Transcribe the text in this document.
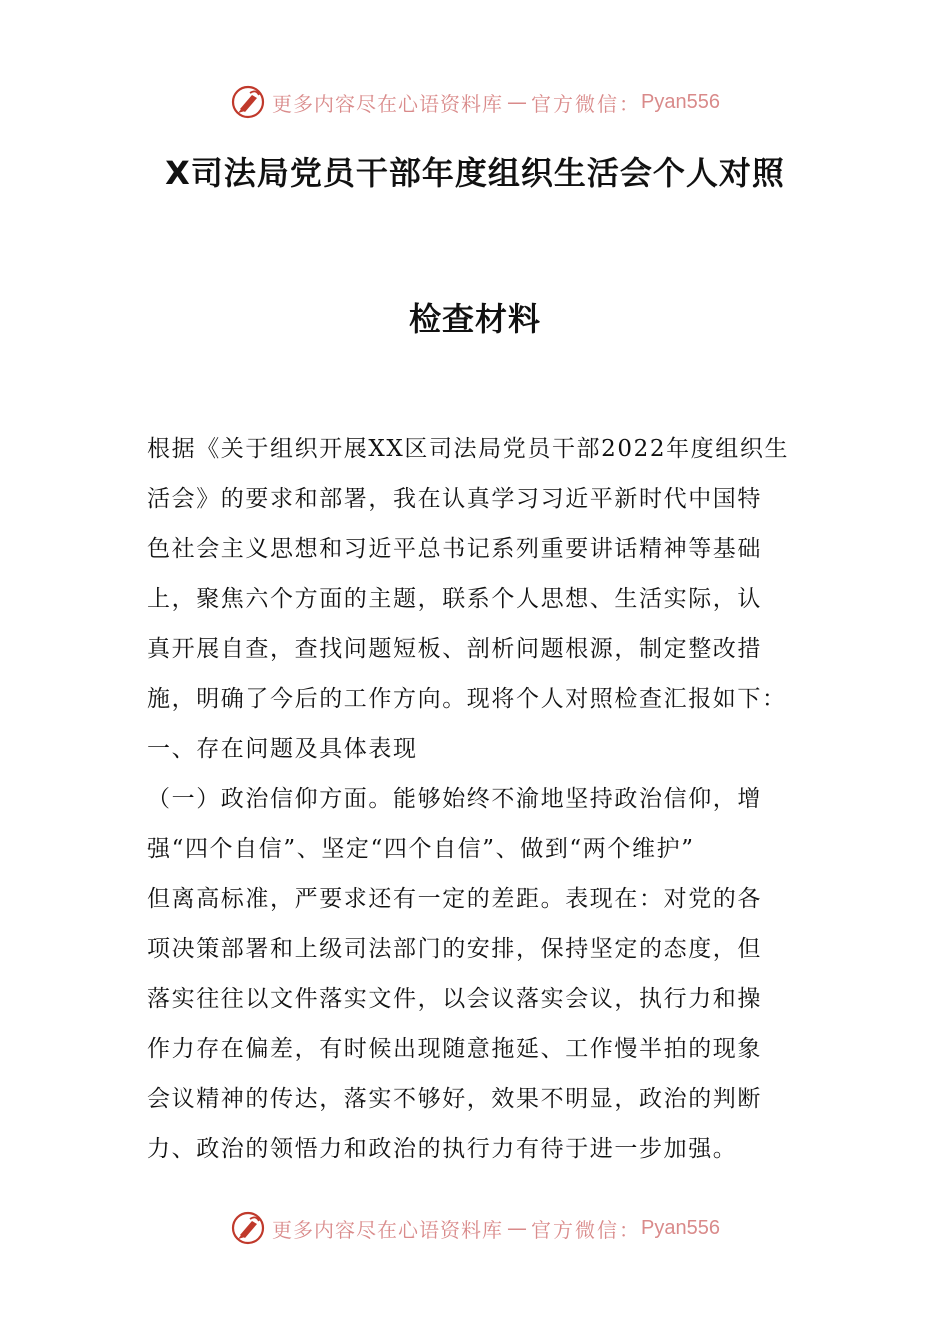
更多内容尽在心语资料库 — 官方微信： Pyan556
X司法局党员干部年度组织生活会个人对照
检查材料
根据《关于组织开展XX区司法局党员干部2022年度组织生
活会》的要求和部署，我在认真学习习近平新时代中国特
色社会主义思想和习近平总书记系列重要讲话精神等基础
上，聚焦六个方面的主题，联系个人思想、生活实际，认
真开展自查，查找问题短板、剖析问题根源，制定整改措
施，明确了今后的工作方向。现将个人对照检查汇报如下：
一、存在问题及具体表现
（一）政治信仰方面。能够始终不渝地坚持政治信仰，增
强“四个自信”、坚定“四个自信”、做到“两个维护”
但离高标准，严要求还有一定的差距。表现在：对党的各
项决策部署和上级司法部门的安排，保持坚定的态度，但
落实往往以文件落实文件，以会议落实会议，执行力和操
作力存在偏差，有时候出现随意拖延、工作慢半拍的现象
会议精神的传达，落实不够好，效果不明显，政治的判断
力、政治的领悟力和政治的执行力有待于进一步加强。
更多内容尽在心语资料库 — 官方微信： Pyan556
